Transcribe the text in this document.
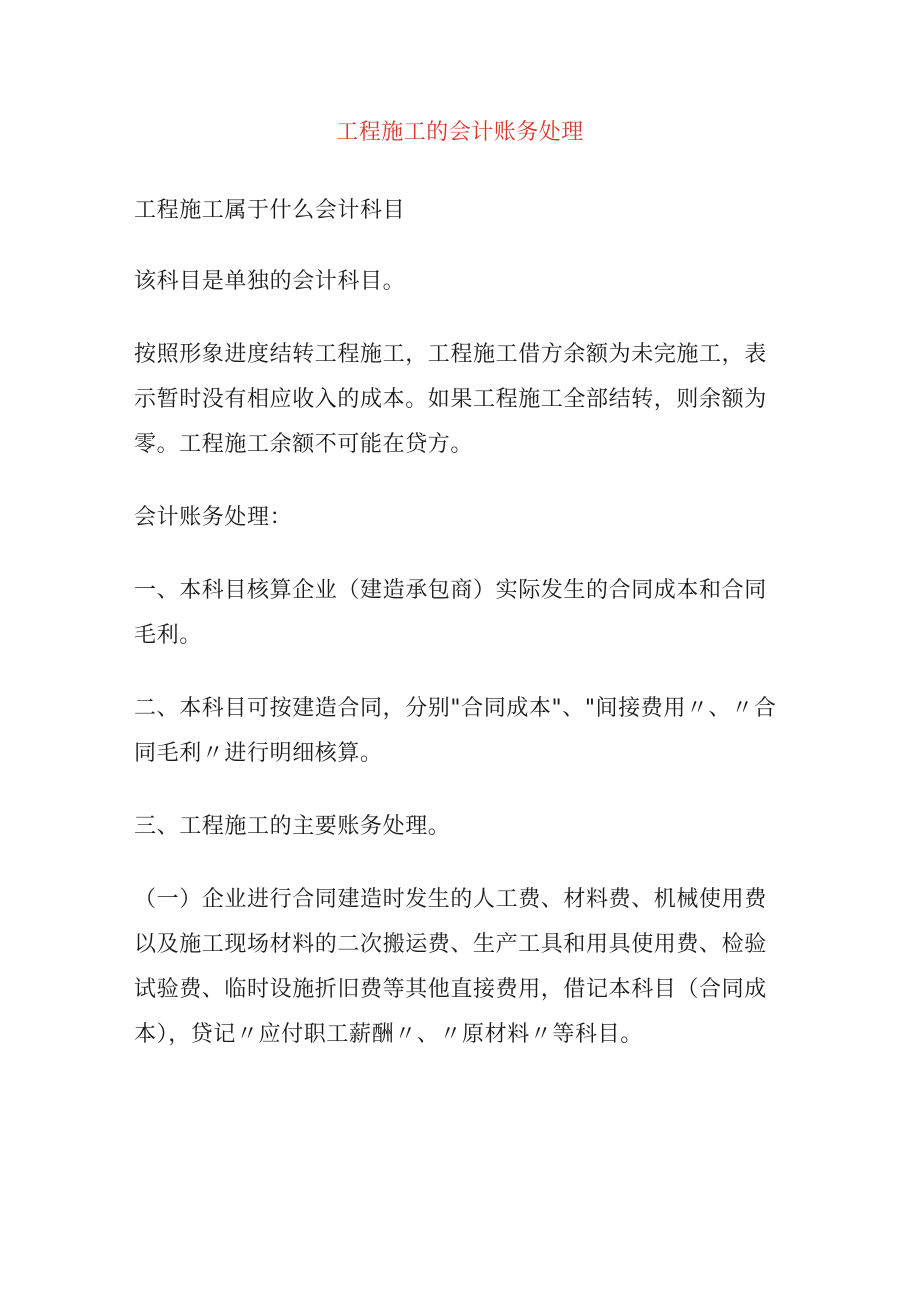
工程施工的会计账务处理

工程施工属于什么会计科目

该科目是单独的会计科目。

按照形象进度结转工程施工，工程施工借方余额为未完施工，表示暂时没有相应收入的成本。如果工程施工全部结转，则余额为零。工程施工余额不可能在贷方。

会计账务处理：

一、本科目核算企业（建造承包商）实际发生的合同成本和合同毛利。

二、本科目可按建造合同，分别"合同成本"、"间接费用〃、〃合同毛利〃进行明细核算。

三、工程施工的主要账务处理。

（一）企业进行合同建造时发生的人工费、材料费、机械使用费以及施工现场材料的二次搬运费、生产工具和用具使用费、检验试验费、临时设施折旧费等其他直接费用，借记本科目（合同成本），贷记〃应付职工薪酬〃、〃原材料〃等科目。
